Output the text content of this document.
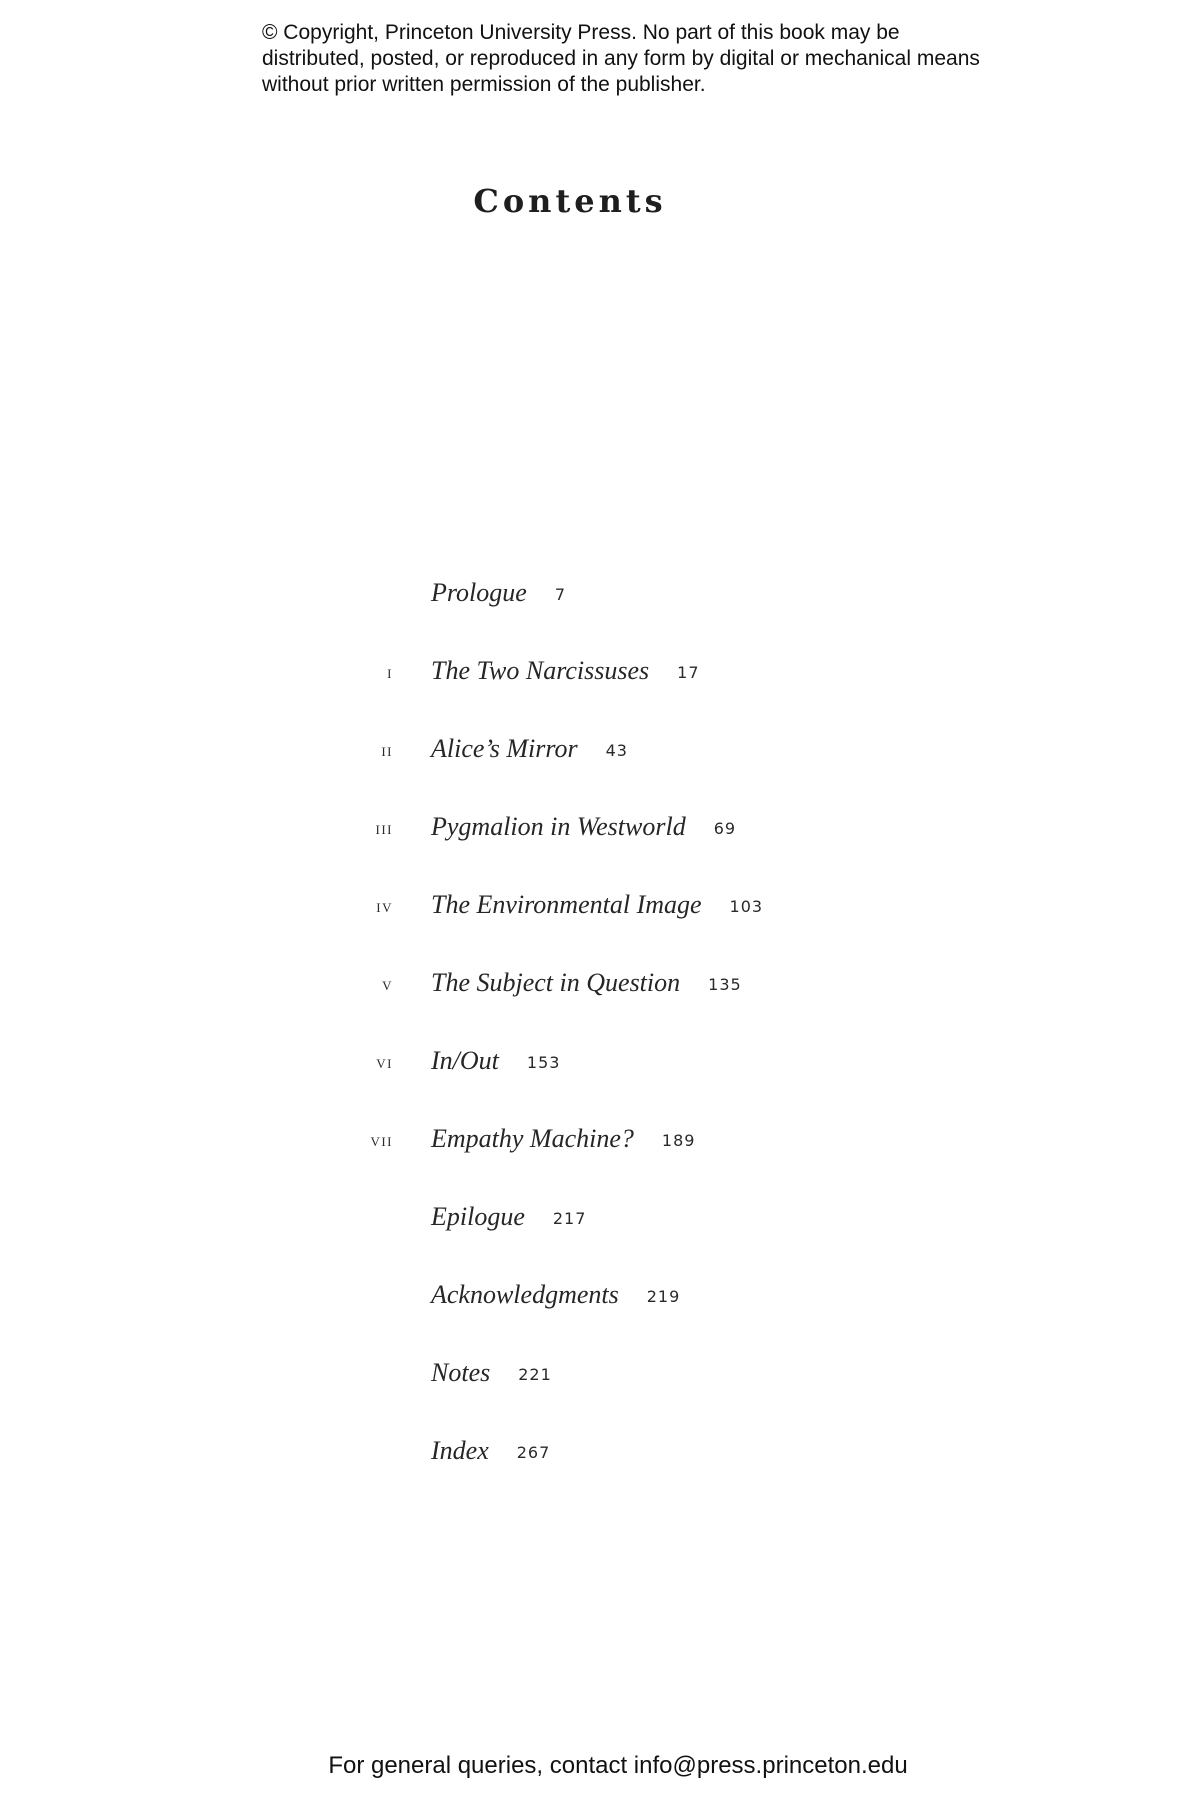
© Copyright, Princeton University Press. No part of this book may be distributed, posted, or reproduced in any form by digital or mechanical means without prior written permission of the publisher.

Contents
Prologue 7
i The Two Narcissuses 17
ii Alice’s Mirror 43
iii Pygmalion in Westworld 69
iv The Environmental Image 103
v The Subject in Question 135
vi In/Out 153
vii Empathy Machine? 189
Epilogue 217
Acknowledgments 219
Notes 221
Index 267

For general queries, contact info@press.princeton.edu
